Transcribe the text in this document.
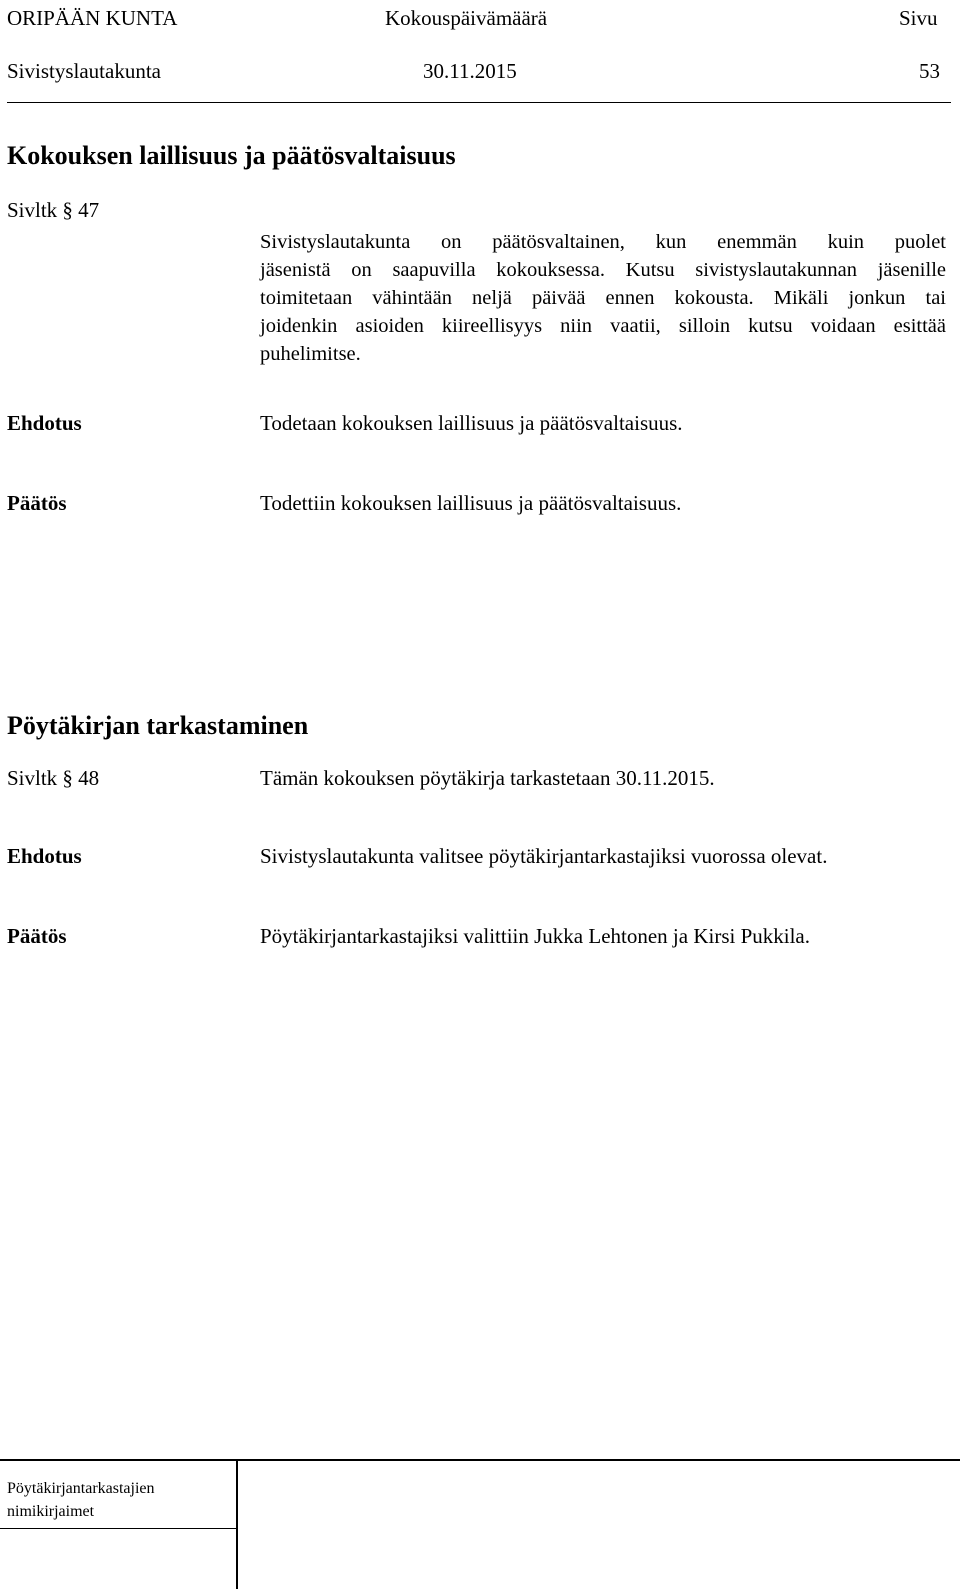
ORIPÄÄN KUNTA	Kokouspäivämäärä	Sivu
Sivistyslautakunta	30.11.2015	53
Kokouksen laillisuus ja päätösvaltaisuus
Sivltk § 47
Sivistyslautakunta on päätösvaltainen, kun enemmän kuin puolet
jäsenistä on saapuvilla kokouksessa. Kutsu sivistyslautakunnan jäsenille
toimitetaan vähintään neljä päivää ennen kokousta. Mikäli jonkun tai
joidenkin asioiden kiireellisyys niin vaatii, silloin kutsu voidaan esittää
puhelimitse.
Ehdotus	Todetaan kokouksen laillisuus ja päätösvaltaisuus.
Päätös	Todettiin kokouksen laillisuus ja päätösvaltaisuus.
Pöytäkirjan tarkastaminen
Sivltk § 48	Tämän kokouksen pöytäkirja tarkastetaan 30.11.2015.
Ehdotus	Sivistyslautakunta valitsee pöytäkirjantarkastajiksi vuorossa olevat.
Päätös	Pöytäkirjantarkastajiksi valittiin Jukka Lehtonen ja Kirsi Pukkila.
Pöytäkirjantarkastajien
nimikirjaimet
